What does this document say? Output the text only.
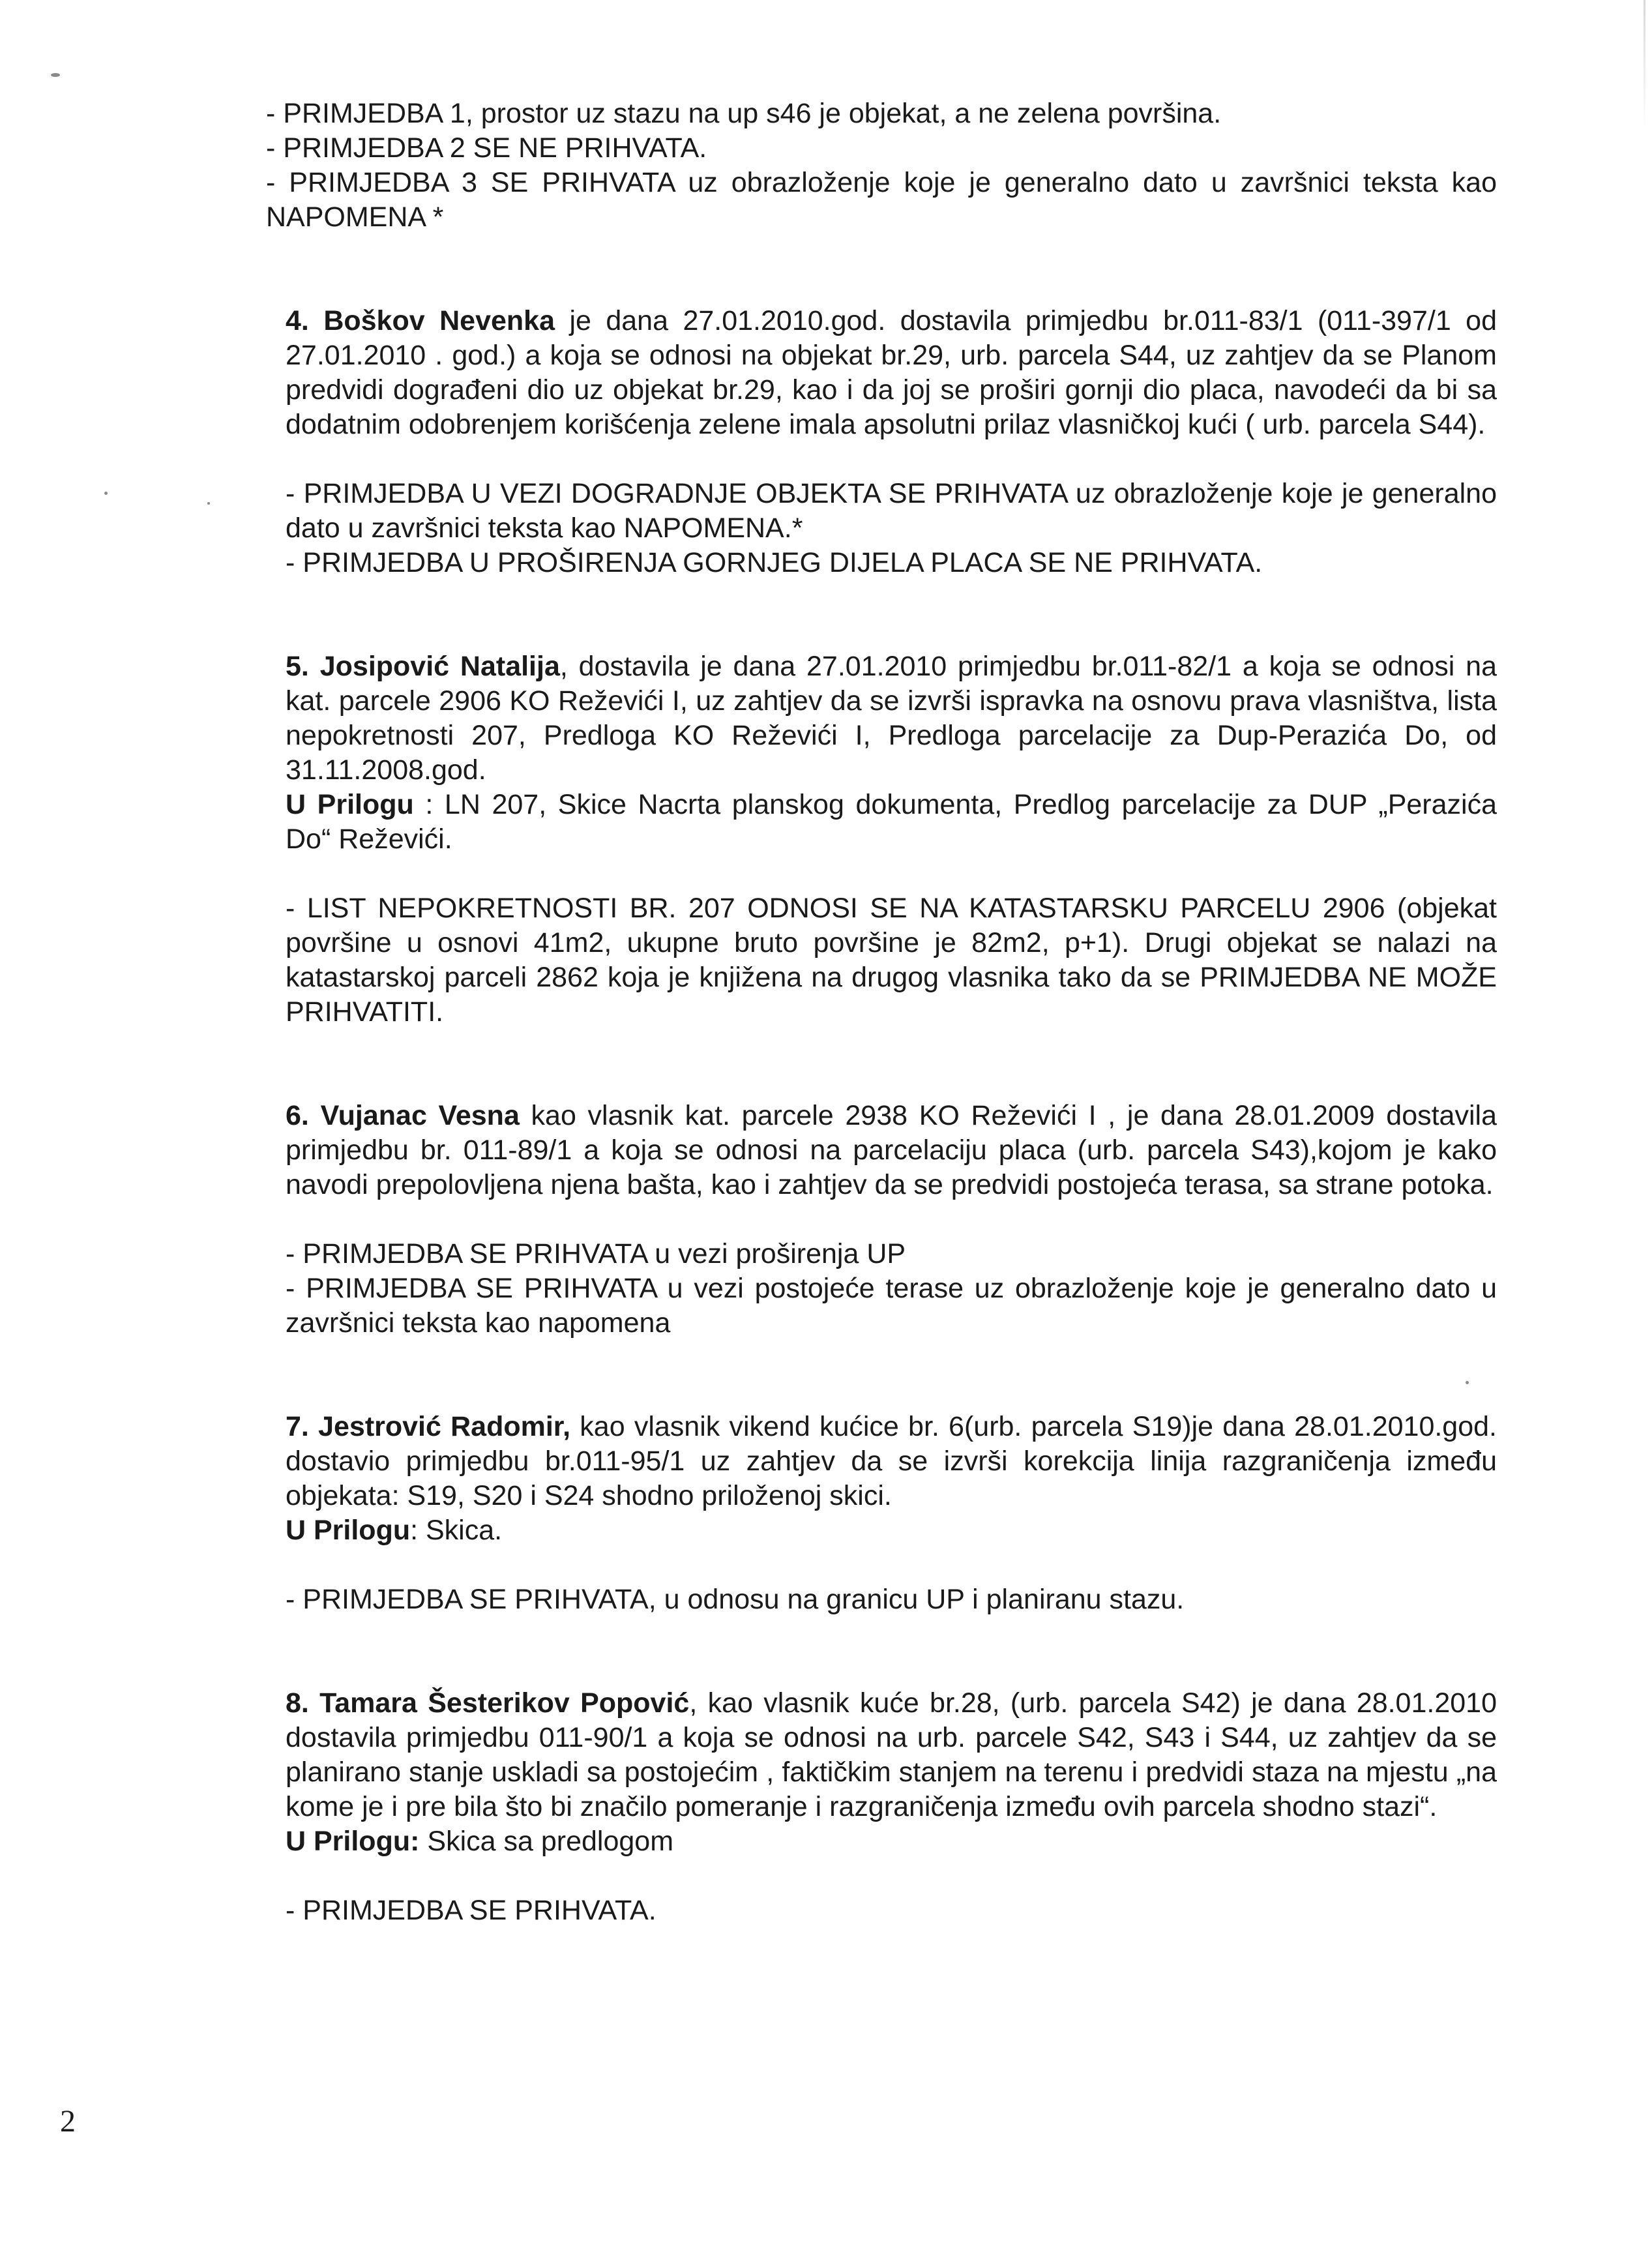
- PRIMJEDBA 1, prostor uz stazu na up s46 je objekat, a ne zelena površina.

- PRIMJEDBA 2 SE NE PRIHVATA.

- PRIMJEDBA 3 SE PRIHVATA uz obrazloženje koje je generalno dato u završnici teksta kao NAPOMENA *

4. Boškov Nevenka je dana 27.01.2010.god. dostavila primjedbu br.011-83/1 (011-397/1 od 27.01.2010 . god.) a koja se odnosi na objekat br.29, urb. parcela S44, uz zahtjev da se Planom predvidi dograđeni dio uz objekat br.29, kao i da joj se proširi gornji dio placa, navodeći da bi sa dodatnim odobrenjem korišćenja zelene imala apsolutni prilaz vlasničkoj kući ( urb. parcela S44).

- PRIMJEDBA U VEZI DOGRADNJE OBJEKTA SE PRIHVATA uz obrazloženje koje je generalno dato u završnici teksta kao NAPOMENA.*

- PRIMJEDBA U PROŠIRENJA GORNJEG DIJELA PLACA SE NE PRIHVATA.

5. Josipović Natalija, dostavila je dana 27.01.2010 primjedbu br.011-82/1 a koja se odnosi na kat. parcele 2906 KO Reževići I, uz zahtjev da se izvrši ispravka na osnovu prava vlasništva, lista nepokretnosti 207, Predloga KO Reževići I, Predloga parcelacije za Dup-Perazića Do, od 31.11.2008.god.

U Prilogu : LN 207, Skice Nacrta planskog dokumenta, Predlog parcelacije za DUP „Perazića Do“ Reževići.

- LIST NEPOKRETNOSTI BR. 207 ODNOSI SE NA KATASTARSKU PARCELU 2906 (objekat površine u osnovi 41m2, ukupne bruto površine je 82m2, p+1). Drugi objekat se nalazi na katastarskoj parceli 2862 koja je knjižena na drugog vlasnika tako da se PRIMJEDBA NE MOŽE PRIHVATITI.

6. Vujanac Vesna kao vlasnik kat. parcele 2938 KO Reževići I , je dana 28.01.2009 dostavila primjedbu br. 011-89/1 a koja se odnosi na parcelaciju placa (urb. parcela S43),kojom je kako navodi prepolovljena njena bašta, kao i zahtjev da se predvidi postojeća terasa, sa strane potoka.

- PRIMJEDBA SE PRIHVATA u vezi proširenja UP

- PRIMJEDBA SE PRIHVATA u vezi postojeće terase uz obrazloženje koje je generalno dato u završnici teksta kao napomena

7. Jestrović Radomir, kao vlasnik vikend kućice br. 6(urb. parcela S19)je dana 28.01.2010.god. dostavio primjedbu br.011-95/1 uz zahtjev da se izvrši korekcija linija razgraničenja između objekata: S19, S20 i S24 shodno priloženoj skici.

U Prilogu: Skica.

- PRIMJEDBA SE PRIHVATA, u odnosu na granicu UP i planiranu stazu.

8. Tamara Šesterikov Popović, kao vlasnik kuće br.28, (urb. parcela S42) je dana 28.01.2010 dostavila primjedbu 011-90/1 a koja se odnosi na urb. parcele S42, S43 i S44, uz zahtjev da se planirano stanje uskladi sa postojećim , faktičkim stanjem na terenu i predvidi staza na mjestu „na kome je i pre bila što bi značilo pomeranje i razgraničenja između ovih parcela shodno stazi“.

U Prilogu: Skica sa predlogom

- PRIMJEDBA SE PRIHVATA.

2
